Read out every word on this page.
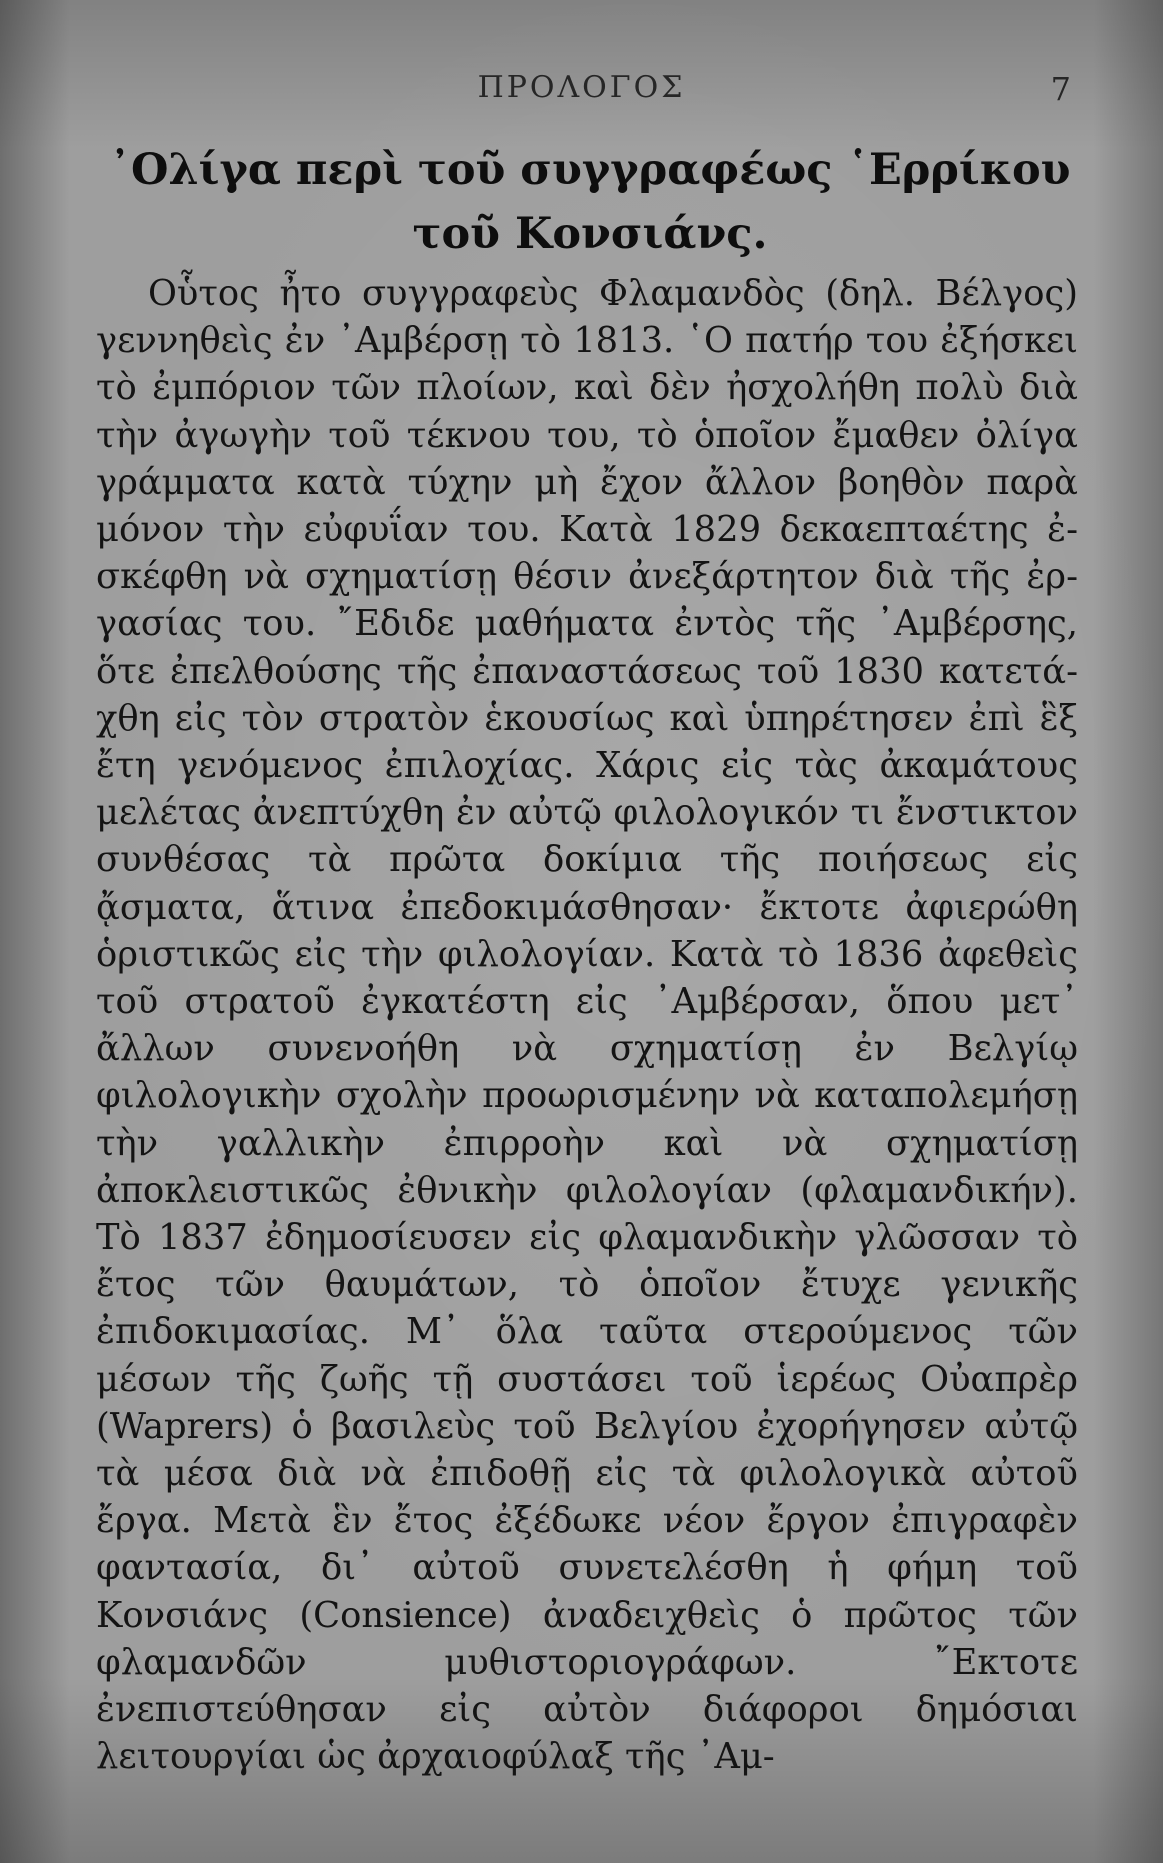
ΠΡΟΛΟΓΟΣ	7
᾿Ολίγα περὶ τοῦ συγγραφέως ῾Ερρίκου
τοῦ Κονσιάνς.

Οὗτος ἦτο συγγραφεὺς Φλαμανδὸς (δηλ. Βέλγος) γεννηθεὶς ἐν ᾿Αμβέρσῃ τὸ 1813. ῾Ο πατήρ του ἐξήσκει τὸ ἐμπόριον τῶν πλοίων, καὶ δὲν ἠσχολήθη πολὺ διὰ τὴν ἀγωγὴν τοῦ τέκνου του, τὸ ὁποῖον ἔμαθεν ὀλίγα γράμματα κατὰ τύχην μὴ ἔχον ἄλλον βοηθὸν παρὰ μόνον τὴν εὐφυΐαν του. Κατὰ 1829 δεκαεπταέτης ἐσκέφθη νὰ σχηματίσῃ θέσιν ἀνεξάρτητον διὰ τῆς ἐργασίας του. ῎Εδιδε μαθήματα ἐντὸς τῆς ᾿Αμβέρσης, ὅτε ἐπελθούσης τῆς ἐπαναστάσεως τοῦ 1830 κατετάχθη εἰς τὸν στρατὸν ἑκουσίως καὶ ὑπηρέτησεν ἐπὶ ἓξ ἔτη γενόμενος ἐπιλοχίας. Χάρις εἰς τὰς ἀκαμάτους μελέτας ἀνεπτύχθη ἐν αὐτῷ φιλολογικόν τι ἔνστικτον συνθέσας τὰ πρῶτα δοκίμια τῆς ποιήσεως εἰς ᾄσματα, ἅτινα ἐπεδοκιμάσθησαν· ἔκτοτε ἀφιερώθη ὁριστικῶς εἰς τὴν φιλολογίαν. Κατὰ τὸ 1836 ἀφεθεὶς τοῦ στρατοῦ ἐγκατέστη εἰς ᾿Αμβέρσαν, ὅπου μετ᾿ ἄλλων συνενοήθη νὰ σχηματίσῃ ἐν Βελγίῳ φιλολογικὴν σχολὴν προωρισμένην νὰ καταπολεμήσῃ τὴν γαλλικὴν ἐπιρροὴν καὶ νὰ σχηματίσῃ ἀποκλειστικῶς ἐθνικὴν φιλολογίαν (φλαμανδικήν). Τὸ 1837 ἐδημοσίευσεν εἰς φλαμανδικὴν γλῶσσαν τὸ ἔτος τῶν θαυμάτων, τὸ ὁποῖον ἔτυχε γενικῆς ἐπιδοκιμασίας. Μ᾿ ὅλα ταῦτα στερούμενος τῶν μέσων τῆς ζωῆς τῇ συστάσει τοῦ ἱερέως Οὐαπρὲρ (Waprers) ὁ βασιλεὺς τοῦ Βελγίου ἐχορήγησεν αὐτῷ τὰ μέσα διὰ νὰ ἐπιδοθῇ εἰς τὰ φιλολογικὰ αὐτοῦ ἔργα. Μετὰ ἓν ἔτος ἐξέδωκε νέον ἔργον ἐπιγραφὲν φαντασία, δι᾿ αὐτοῦ συνετελέσθη ἡ φήμη τοῦ Κονσιάνς (Consience) ἀναδειχθεὶς ὁ πρῶτος τῶν φλαμανδῶν μυθιστοριογράφων. ῎Εκτοτε ἐνεπιστεύθησαν εἰς αὐτὸν διάφοροι δημόσιαι λειτουργίαι ὡς ἀρχαιοφύλαξ τῆς ᾿Αμ-
